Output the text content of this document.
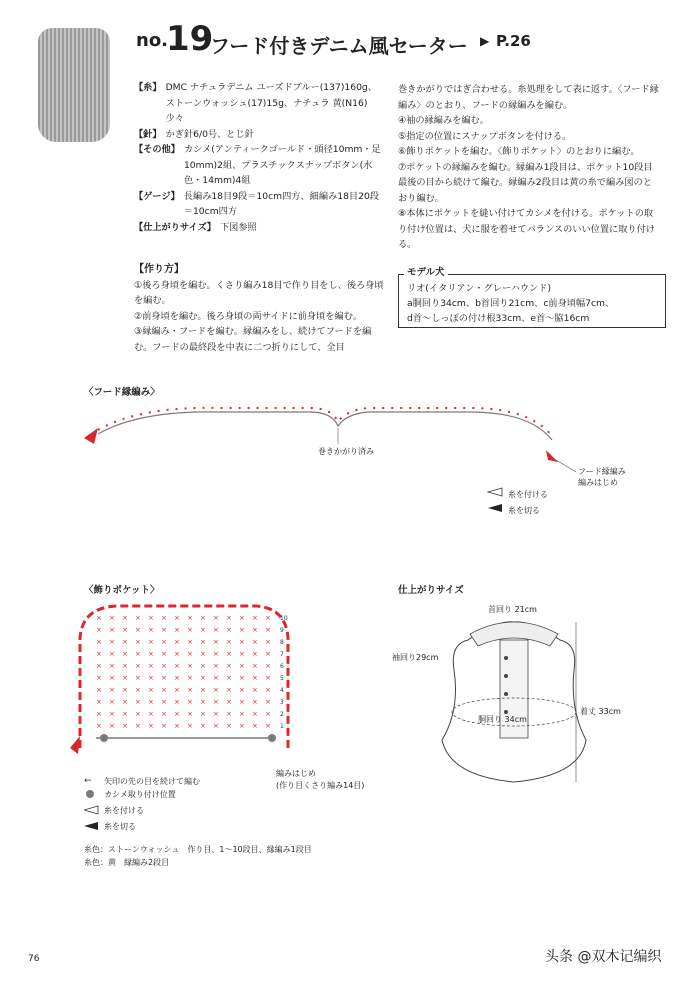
no.
19
フード付きデニム風セーター ▶ P.26
【糸】 DMC ナチュラデニム ユーズドブルー(137)160g、ストーンウォッシュ(17)15g、ナチュラ 黄(N16)少々
【針】 かぎ針6/0号、とじ針
【その他】 カシメ(アンティークゴールド・頭径10mm・足10mm)2組、プラスチックスナップボタン(水色・14mm)4組
【ゲージ】 長編み18目9段＝10cm四方、細編み18目20段＝10cm四方
【仕上がりサイズ】 下図参照
【作り方】
①後ろ身頃を編む。くさり編み18目で作り目をし、後ろ身頃を編む。
②前身頃を編む。後ろ身頃の両サイドに前身頃を編む。
③縁編み・フードを編む。縁編みをし、続けてフードを編む。フードの最終段を中表に二つ折りにして、全目
巻きかがりではぎ合わせる。糸処理をして表に返す。〈フード縁編み〉のとおり、フードの縁編みを編む。
④袖の縁編みを編む。
⑤指定の位置にスナップボタンを付ける。
⑥飾りポケットを編む。〈飾りポケット〉のとおりに編む。
⑦ポケットの縁編みを編む。縁編み1段目は、ポケット10段目最後の目から続けて編む。縁編み2段目は黄の糸で編み図のとおり編む。
⑧本体にポケットを縫い付けてカシメを付ける。ポケットの取り付け位置は、犬に服を着せてバランスのいい位置に取り付ける。
リオ(イタリアン・グレーハウンド)
a胴回り34cm、b首回り21cm、c前身頃幅7cm、
d首～しっぽの付け根33cm、e首～脇16cm
モデル犬
〈フード縁編み〉
巻きかがり済み
フード縁編み
編みはじめ
糸を付ける
糸を切る
〈飾りポケット〉
× × × × × × × × × × × × × × 10
× × × × × × × × × × × × × × 9
× × × × × × × × × × × × × × 8
× × × × × × × × × × × × × × 7
× × × × × × × × × × × × × × 6
× × × × × × × × × × × × × × 5
× × × × × × × × × × × × × × 4
× × × × × × × × × × × × × × 3
× × × × × × × × × × × × × × 2
× × × × × × × × × × × × × × 1
編みはじめ
(作り目くさり編み14目)
← 矢印の先の目を続けて編む
カシメ取り付け位置
糸を付ける
糸を切る
糸色：ストーンウォッシュ　作り目、1～10段目、縁編み1段目
糸色：黄　縁編み2段目
仕上がりサイズ
首回り 21cm
袖回り29cm
胴回り 34cm
着丈 33cm
76	头条 @双木记编织
